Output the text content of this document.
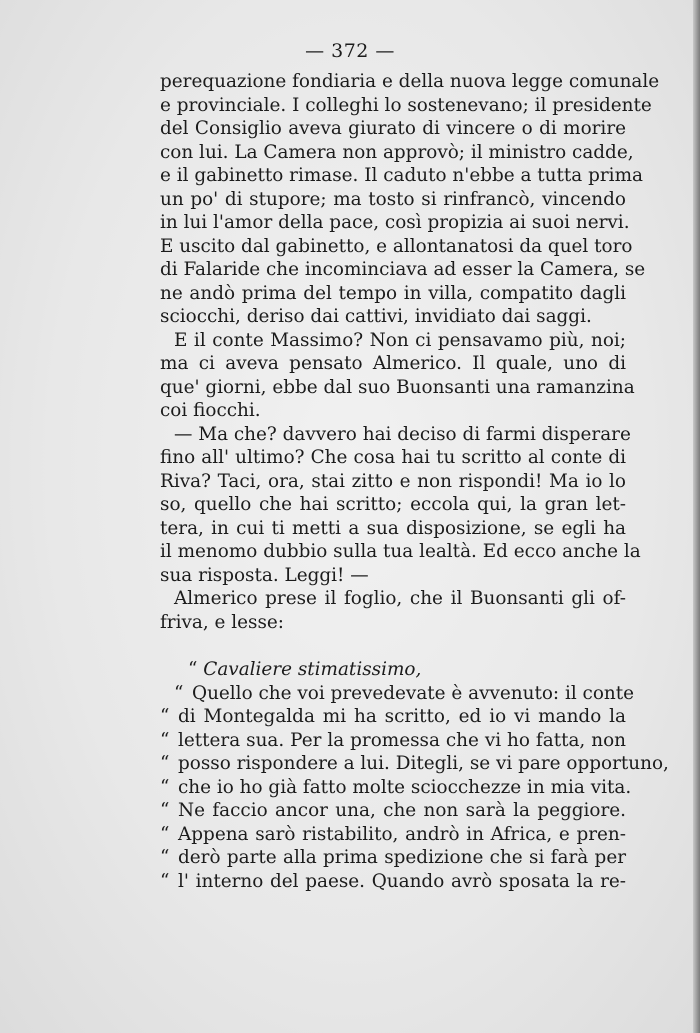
— 372 —
perequazione fondiaria e della nuova legge comunale
e provinciale. I colleghi lo sostenevano; il presidente
del Consiglio aveva giurato di vincere o di morire
con lui. La Camera non approvò; il ministro cadde,
e il gabinetto rimase. Il caduto n'ebbe a tutta prima
un po' di stupore; ma tosto si rinfrancò, vincendo
in lui l'amor della pace, così propizia ai suoi nervi.
E uscito dal gabinetto, e allontanatosi da quel toro
di Falaride che incominciava ad esser la Camera, se
ne andò prima del tempo in villa, compatito dagli
sciocchi, deriso dai cattivi, invidiato dai saggi.
E il conte Massimo? Non ci pensavamo più, noi;
ma ci aveva pensato Almerico. Il quale, uno di
que' giorni, ebbe dal suo Buonsanti una ramanzina
coi fiocchi.
— Ma che? davvero hai deciso di farmi disperare
fino all' ultimo? Che cosa hai tu scritto al conte di
Riva? Taci, ora, stai zitto e non rispondi! Ma io lo
so, quello che hai scritto; eccola qui, la gran let-
tera, in cui ti metti a sua disposizione, se egli ha
il menomo dubbio sulla tua lealtà. Ed ecco anche la
sua risposta. Leggi! —
Almerico prese il foglio, che il Buonsanti gli of-
friva, e lesse:
“ Cavaliere stimatissimo,
“ Quello che voi prevedevate è avvenuto: il conte
“ di Montegalda mi ha scritto, ed io vi mando la
“ lettera sua. Per la promessa che vi ho fatta, non
“ posso rispondere a lui. Ditegli, se vi pare opportuno,
“ che io ho già fatto molte sciocchezze in mia vita.
“ Ne faccio ancor una, che non sarà la peggiore.
“ Appena sarò ristabilito, andrò in Africa, e pren-
“ derò parte alla prima spedizione che si farà per
“ l' interno del paese. Quando avrò sposata la re-
